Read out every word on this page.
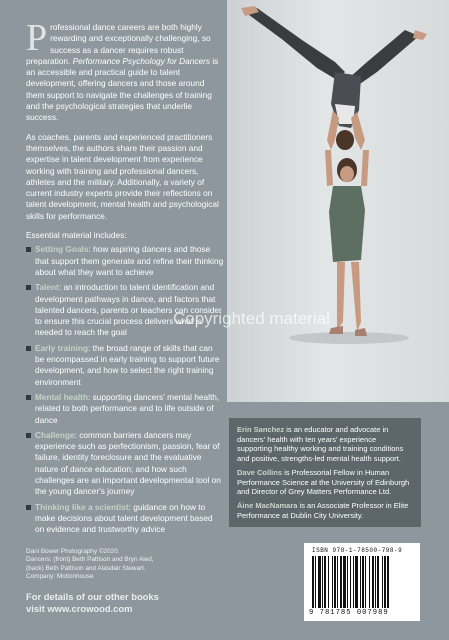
Professional dance careers are both highly rewarding and exceptionally challenging, so success as a dancer requires robust preparation. Performance Psychology for Dancers is an accessible and practical guide to talent development, offering dancers and those around them support to navigate the challenges of training and the psychological strategies that underlie success.

As coaches, parents and experienced practitioners themselves, the authors share their passion and expertise in talent development from experience working with training and professional dancers, athletes and the military. Additionally, a variety of current industry experts provide their reflections on talent development, mental health and psychological skills for performance.

Essential material includes:
Setting Goals: how aspiring dancers and those that support them generate and refine their thinking about what they want to achieve
Talent: an introduction to talent identification and development pathways in dance, and factors that talented dancers, parents or teachers can consider to ensure this crucial process delivers what is needed to reach the goal
Early training: the broad range of skills that can be encompassed in early training to support future development, and how to select the right training environment
Mental health: supporting dancers' mental health, related to both performance and to life outside of dance
Challenge: common barriers dancers may experience such as perfectionism, passion, fear of failure, identity foreclosure and the evaluative nature of dance education; and how such challenges are an important developmental tool on the young dancer's journey
Thinking like a scientist: guidance on how to make decisions about talent development based on evidence and trustworthy advice
Copyrighted material

Erin Sanchez is an educator and advocate in dancers' health with ten years' experience supporting healthy working and training conditions and positive, strengths-led mental health support.

Dave Collins is Professorial Fellow in Human Performance Science at the University of Edinburgh and Director of Grey Matters Performance Ltd.

Áine MacNamara is an Associate Professor in Elite Performance at Dublin City University.

Dani Bower Photography ©2020.
Dancers: (front) Beth Pattison and Bryn Aled,
(back) Beth Pattison and Alasdair Stewart.
Company: Motionhouse
For details of our other books
visit www.crowood.com
ISBN 978-1-78500-798-9
9 781785 007989
